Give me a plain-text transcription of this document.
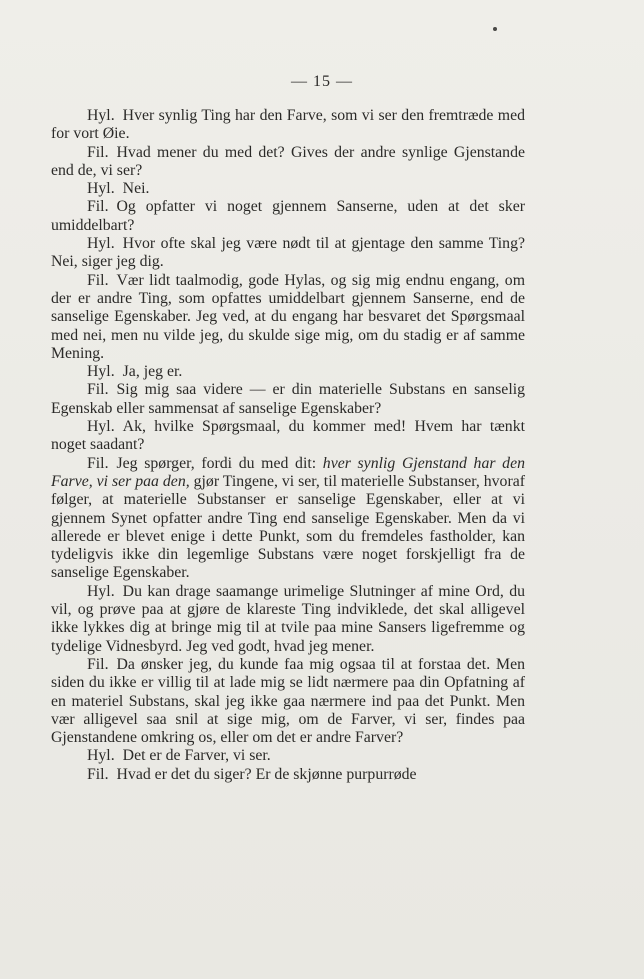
— 15 —

Hyl. Hver synlig Ting har den Farve, som vi ser den fremtræde med for vort Øie.

Fil. Hvad mener du med det? Gives der andre synlige Gjenstande end de, vi ser?

Hyl. Nei.

Fil. Og opfatter vi noget gjennem Sanserne, uden at det sker umiddelbart?

Hyl. Hvor ofte skal jeg være nødt til at gjentage den samme Ting? Nei, siger jeg dig.

Fil. Vær lidt taalmodig, gode Hylas, og sig mig endnu engang, om der er andre Ting, som opfattes umiddelbart gjennem Sanserne, end de sanselige Egenskaber. Jeg ved, at du engang har besvaret det Spørgsmaal med nei, men nu vilde jeg, du skulde sige mig, om du stadig er af samme Mening.

Hyl. Ja, jeg er.

Fil. Sig mig saa videre — er din materielle Substans en sanselig Egenskab eller sammensat af sanselige Egenskaber?

Hyl. Ak, hvilke Spørgsmaal, du kommer med! Hvem har tænkt noget saadant?

Fil. Jeg spørger, fordi du med dit: hver synlig Gjenstand har den Farve, vi ser paa den, gjør Tingene, vi ser, til materielle Substanser, hvoraf følger, at materielle Substanser er sanselige Egenskaber, eller at vi gjennem Synet opfatter andre Ting end sanselige Egenskaber. Men da vi allerede er blevet enige i dette Punkt, som du fremdeles fastholder, kan tydeligvis ikke din legemlige Substans være noget forskjelligt fra de sanselige Egenskaber.

Hyl. Du kan drage saamange urimelige Slutninger af mine Ord, du vil, og prøve paa at gjøre de klareste Ting indviklede, det skal alligevel ikke lykkes dig at bringe mig til at tvile paa mine Sansers ligefremme og tydelige Vidnesbyrd. Jeg ved godt, hvad jeg mener.

Fil. Da ønsker jeg, du kunde faa mig ogsaa til at forstaa det. Men siden du ikke er villig til at lade mig se lidt nærmere paa din Opfatning af en materiel Substans, skal jeg ikke gaa nærmere ind paa det Punkt. Men vær alligevel saa snil at sige mig, om de Farver, vi ser, findes paa Gjenstandene omkring os, eller om det er andre Farver?

Hyl. Det er de Farver, vi ser.

Fil. Hvad er det du siger? Er de skjønne purpurrøde
